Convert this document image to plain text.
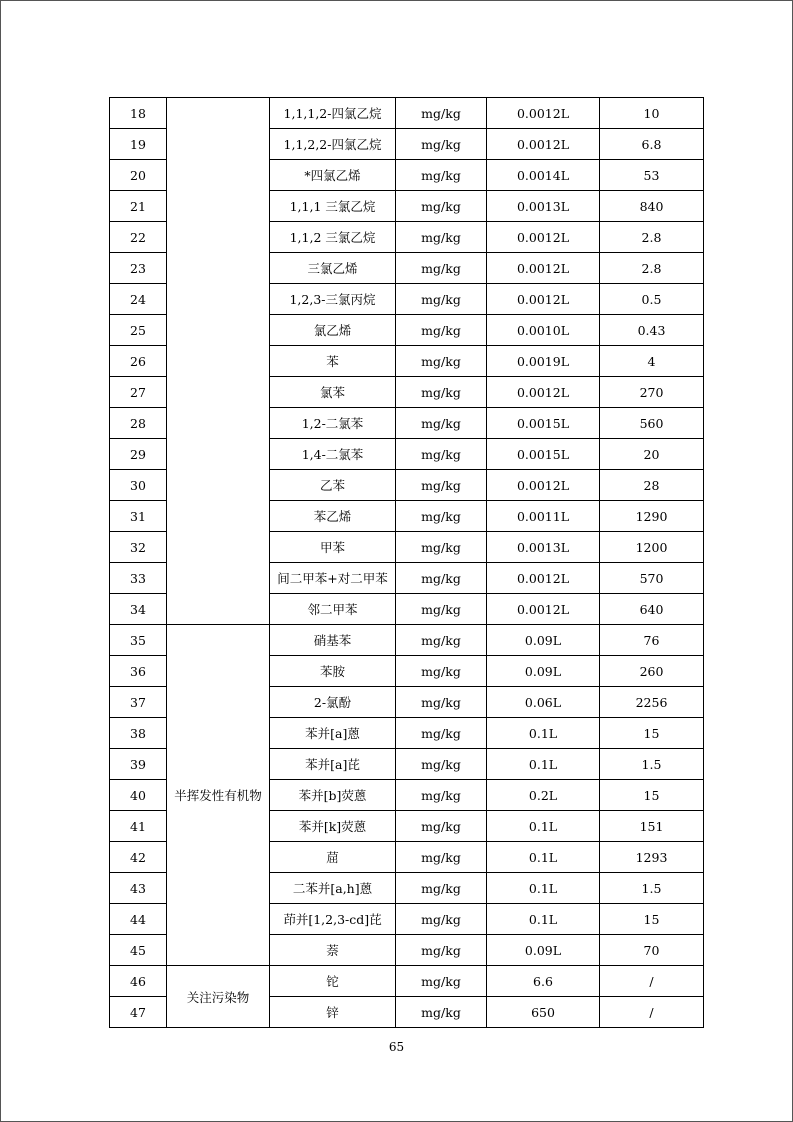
18		1,1,1,2-四氯乙烷	mg/kg	0.0012L	10
19		1,1,2,2-四氯乙烷	mg/kg	0.0012L	6.8
20		*四氯乙烯	mg/kg	0.0014L	53
21		1,1,1 三氯乙烷	mg/kg	0.0013L	840
22		1,1,2 三氯乙烷	mg/kg	0.0012L	2.8
23		三氯乙烯	mg/kg	0.0012L	2.8
24		1,2,3-三氯丙烷	mg/kg	0.0012L	0.5
25		氯乙烯	mg/kg	0.0010L	0.43
26		苯	mg/kg	0.0019L	4
27		氯苯	mg/kg	0.0012L	270
28		1,2-二氯苯	mg/kg	0.0015L	560
29		1,4-二氯苯	mg/kg	0.0015L	20
30		乙苯	mg/kg	0.0012L	28
31		苯乙烯	mg/kg	0.0011L	1290
32		甲苯	mg/kg	0.0013L	1200
33		间二甲苯+对二甲苯	mg/kg	0.0012L	570
34		邻二甲苯	mg/kg	0.0012L	640
35	半挥发性有机物	硝基苯	mg/kg	0.09L	76
36		苯胺	mg/kg	0.09L	260
37		2-氯酚	mg/kg	0.06L	2256
38		苯并[a]蒽	mg/kg	0.1L	15
39		苯并[a]芘	mg/kg	0.1L	1.5
40		苯并[b]荧蒽	mg/kg	0.2L	15
41		苯并[k]荧蒽	mg/kg	0.1L	151
42		䓛	mg/kg	0.1L	1293
43		二苯并[a,h]蒽	mg/kg	0.1L	1.5
44		茚并[1,2,3-cd]芘	mg/kg	0.1L	15
45		萘	mg/kg	0.09L	70
46	关注污染物	铊	mg/kg	6.6	/
47		锌	mg/kg	650	/
65
